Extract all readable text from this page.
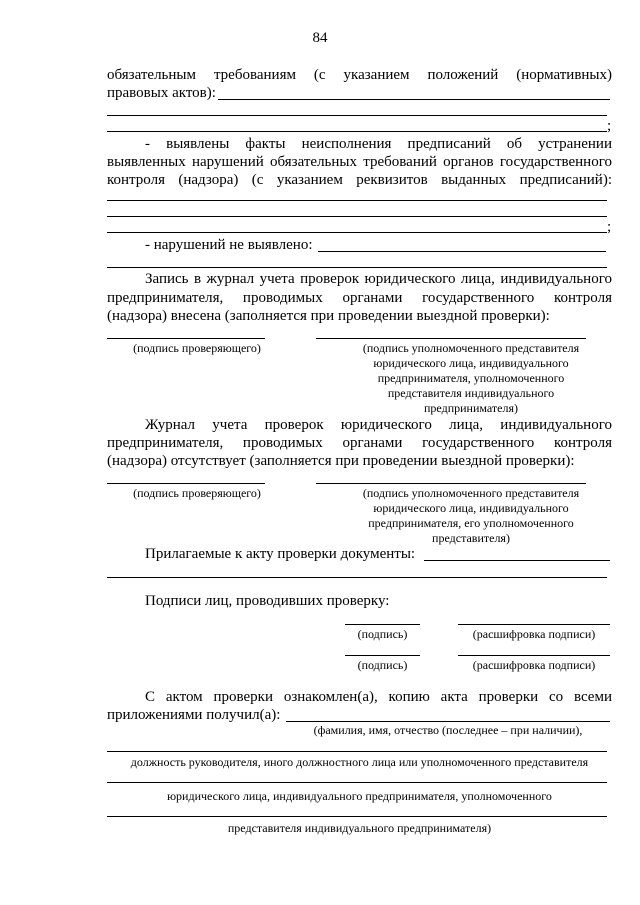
84
обязательным требованиям (с указанием положений (нормативных)
правовых актов):
;
- выявлены факты неисполнения предписаний об устранении
выявленных нарушений обязательных требований органов государственного
контроля (надзора) (с указанием реквизитов выданных предписаний):
;
- нарушений не выявлено:
Запись в журнал учета проверок юридического лица, индивидуального
предпринимателя, проводимых органами государственного контроля
(надзора) внесена (заполняется при проведении выездной проверки):
(подпись проверяющего)	(подпись уполномоченного представителя
юридического лица, индивидуального
предпринимателя, уполномоченного
представителя индивидуального
предпринимателя)
Журнал учета проверок юридического лица, индивидуального
предпринимателя, проводимых органами государственного контроля
(надзора) отсутствует (заполняется при проведении выездной проверки):
(подпись проверяющего)	(подпись уполномоченного представителя
юридического лица, индивидуального
предпринимателя, его уполномоченного
представителя)
Прилагаемые к акту проверки документы:
Подписи лиц, проводивших проверку:
(подпись)	(расшифровка подписи)
(подпись)	(расшифровка подписи)
С актом проверки ознакомлен(а), копию акта проверки со всеми
приложениями получил(а):
(фамилия, имя, отчество (последнее – при наличии),
должность руководителя, иного должностного лица или уполномоченного представителя
юридического лица, индивидуального предпринимателя, уполномоченного
представителя индивидуального предпринимателя)
